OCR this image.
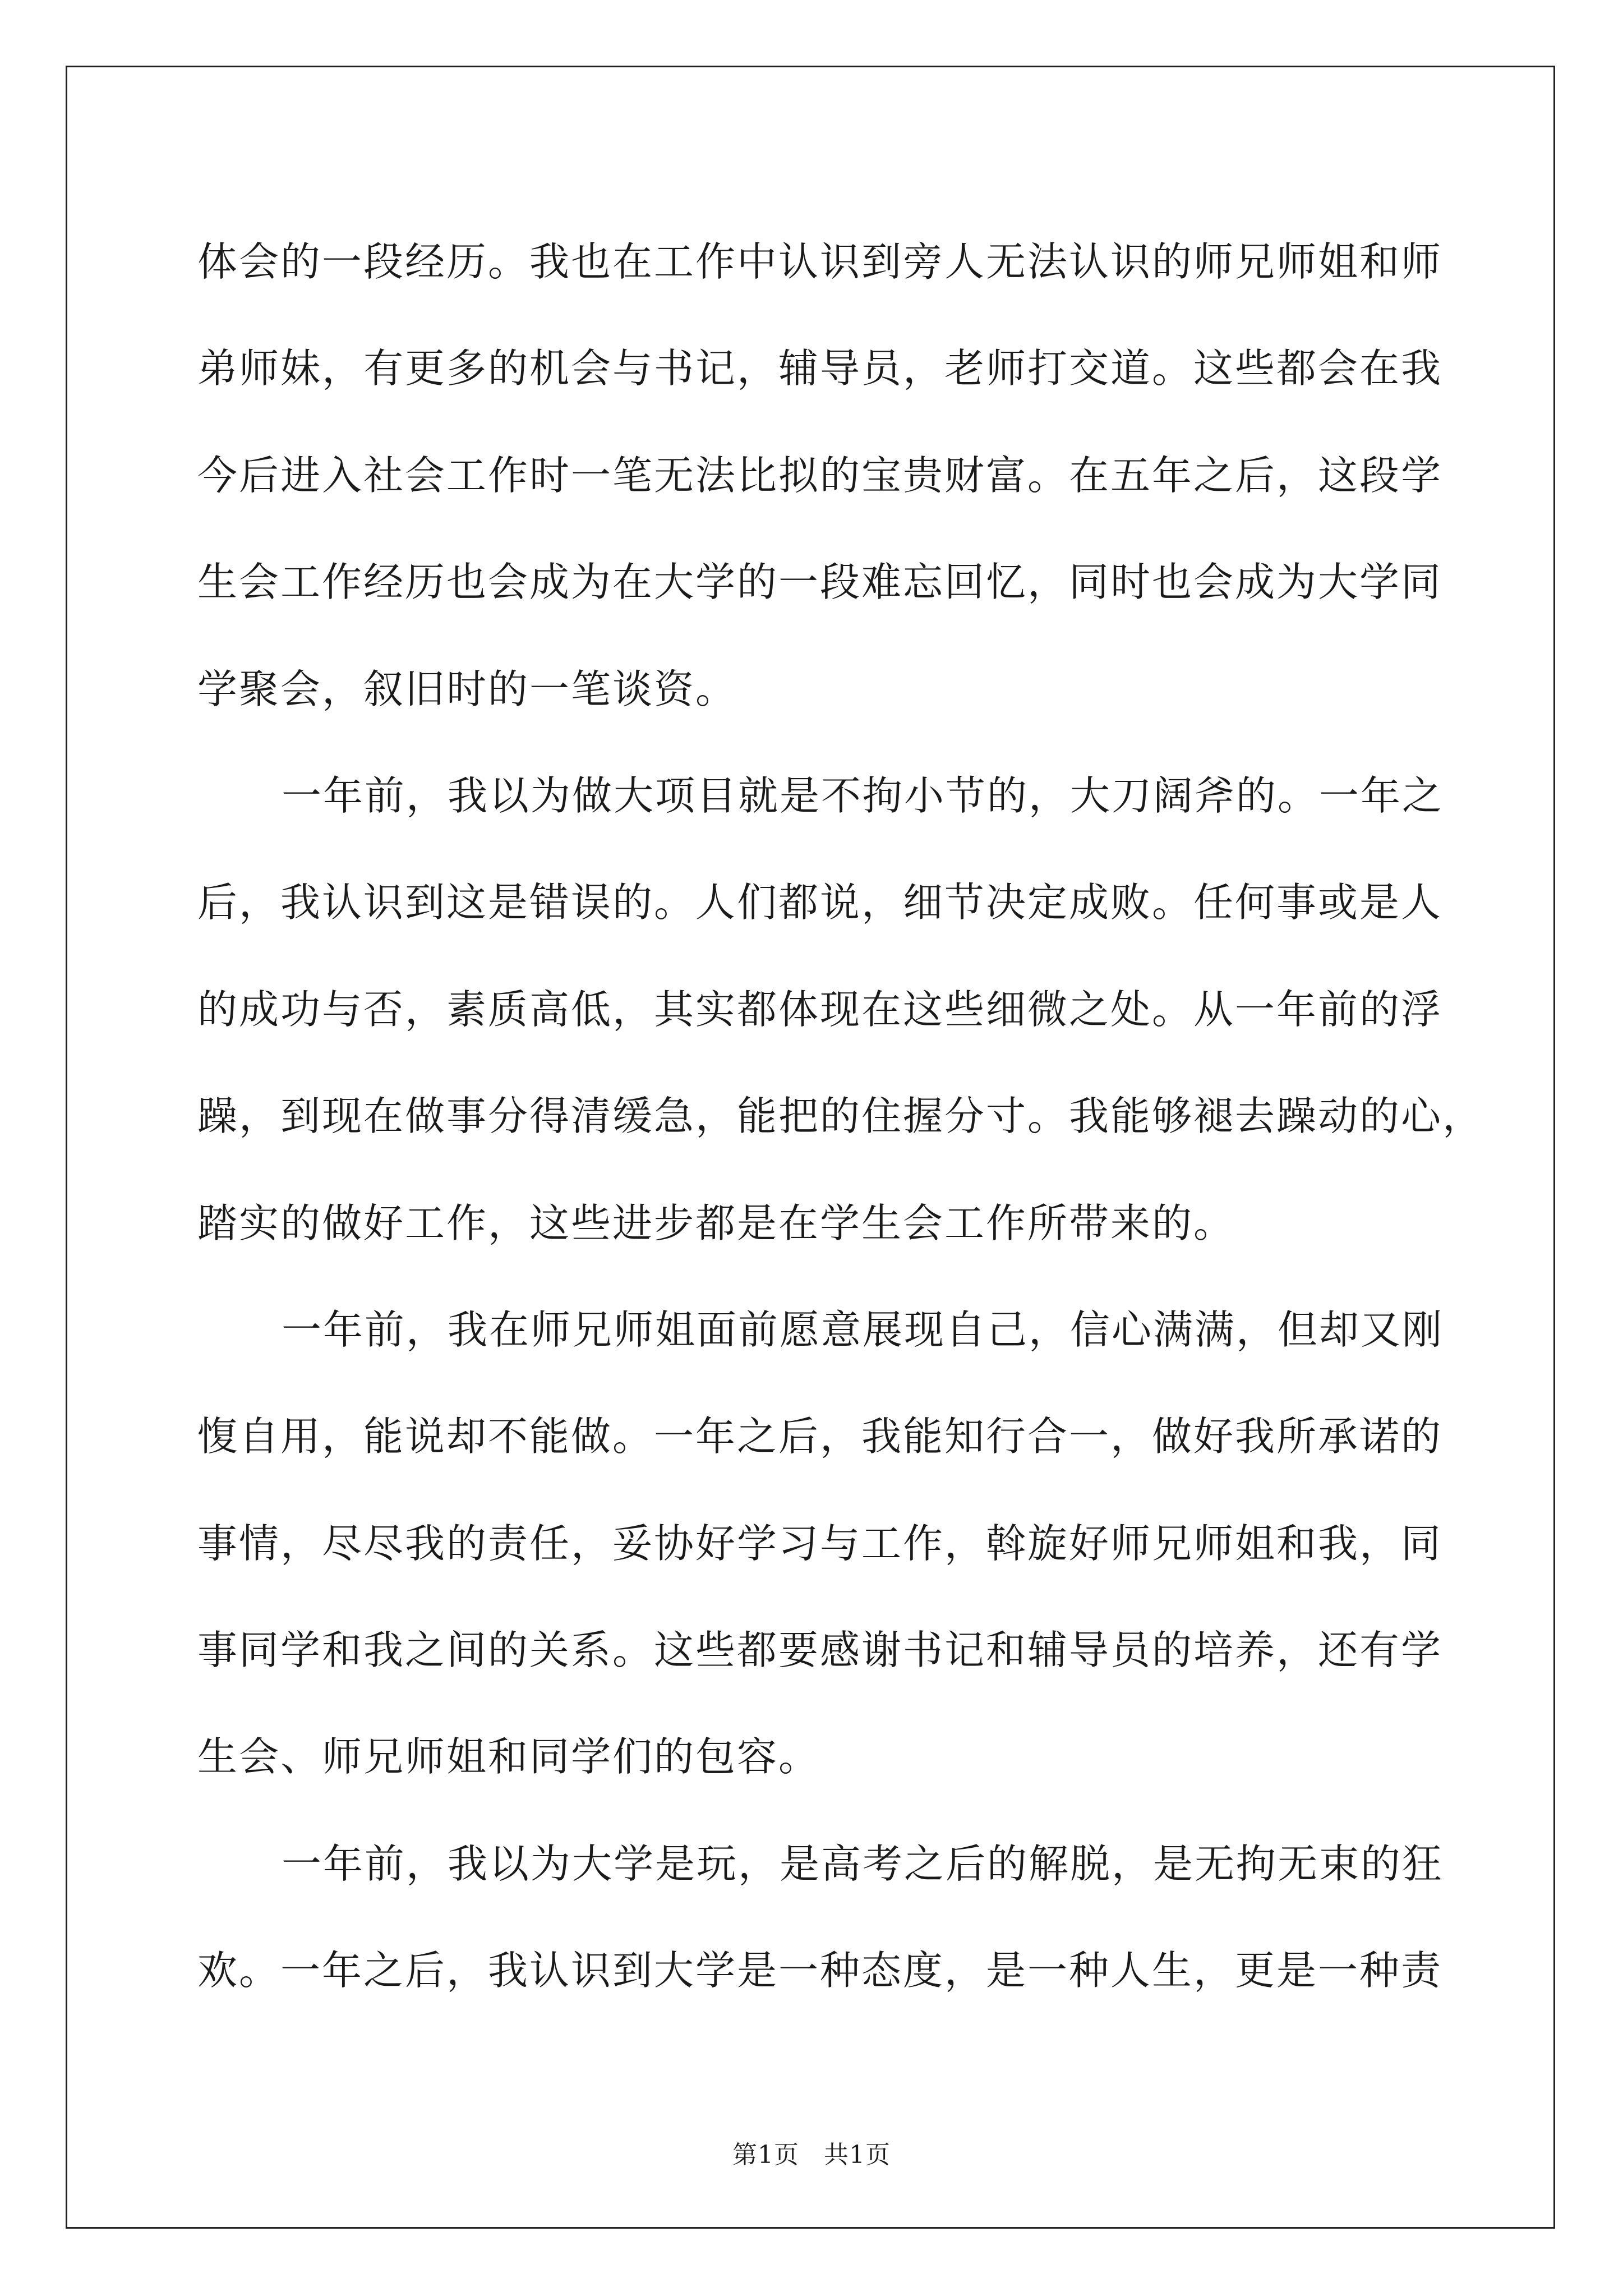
体会的一段经历。我也在工作中认识到旁人无法认识的师兄师姐和师
弟师妹，有更多的机会与书记，辅导员，老师打交道。这些都会在我
今后进入社会工作时一笔无法比拟的宝贵财富。在五年之后，这段学
生会工作经历也会成为在大学的一段难忘回忆，同时也会成为大学同
学聚会，叙旧时的一笔谈资。
一年前，我以为做大项目就是不拘小节的，大刀阔斧的。一年之
后，我认识到这是错误的。人们都说，细节决定成败。任何事或是人
的成功与否，素质高低，其实都体现在这些细微之处。从一年前的浮
躁，到现在做事分得清缓急，能把的住握分寸。我能够褪去躁动的心，
踏实的做好工作，这些进步都是在学生会工作所带来的。
一年前，我在师兄师姐面前愿意展现自己，信心满满，但却又刚
愎自用，能说却不能做。一年之后，我能知行合一，做好我所承诺的
事情，尽尽我的责任，妥协好学习与工作，斡旋好师兄师姐和我，同
事同学和我之间的关系。这些都要感谢书记和辅导员的培养，还有学
生会、师兄师姐和同学们的包容。
一年前，我以为大学是玩，是高考之后的解脱，是无拘无束的狂
欢。一年之后，我认识到大学是一种态度，是一种人生，更是一种责
第1页 共1页
